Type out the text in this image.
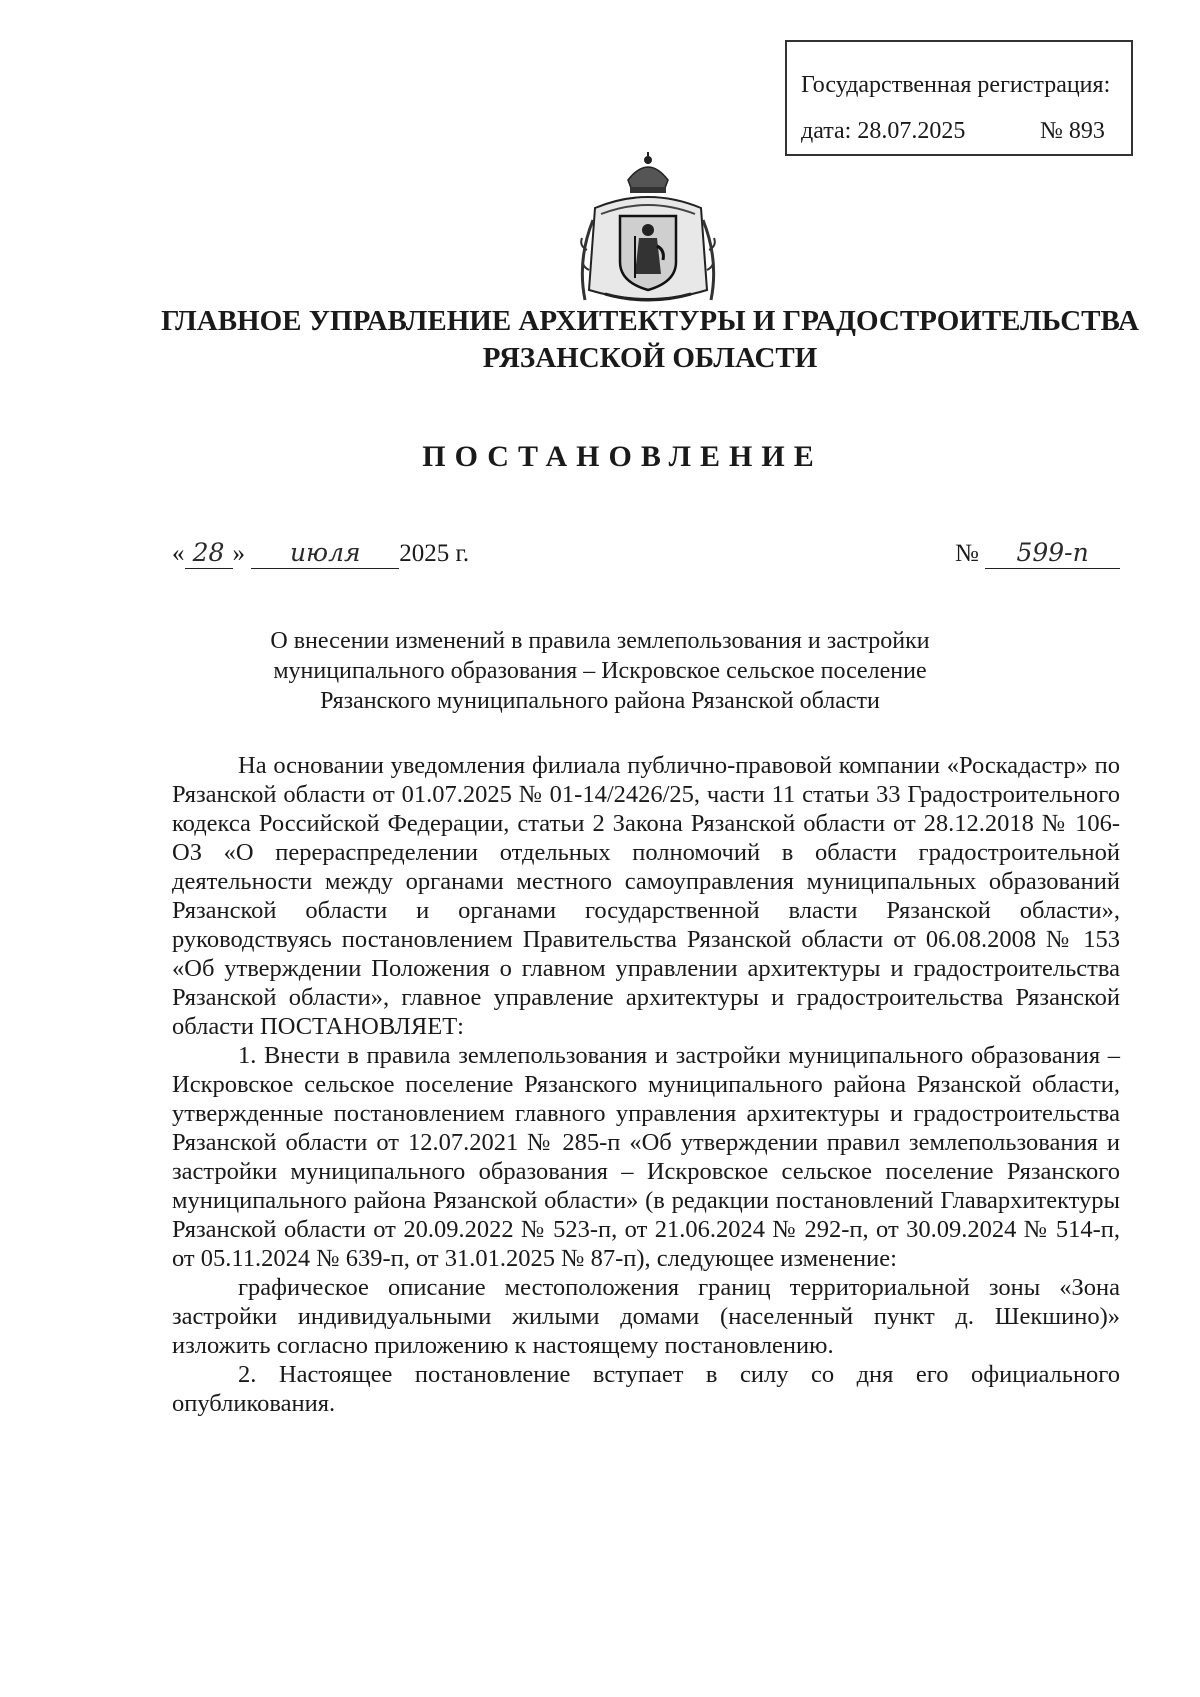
Государственная регистрация:
дата: 28.07.2025	№ 893
ГЛАВНОЕ УПРАВЛЕНИЕ АРХИТЕКТУРЫ И ГРАДОСТРОИТЕЛЬСТВА
РЯЗАНСКОЙ ОБЛАСТИ
ПОСТАНОВЛЕНИЕ
« 28 » июля 2025 г.	№ 599-п
О внесении изменений в правила землепользования и застройки
муниципального образования – Искровское сельское поселение
Рязанского муниципального района Рязанской области

На основании уведомления филиала публично-правовой компании «Роскадастр» по Рязанской области от 01.07.2025 № 01-14/2426/25, части 11 статьи 33 Градостроительного кодекса Российской Федерации, статьи 2 Закона Рязанской области от 28.12.2018 № 106-ОЗ «О перераспределении отдельных полномочий в области градостроительной деятельности между органами местного самоуправления муниципальных образований Рязанской области и органами государственной власти Рязанской области», руководствуясь постановлением Правительства Рязанской области от 06.08.2008 № 153 «Об утверждении Положения о главном управлении архитектуры и градостроительства Рязанской области», главное управление архитектуры и градостроительства Рязанской области ПОСТАНОВЛЯЕТ:

1. Внести в правила землепользования и застройки муниципального образования – Искровское сельское поселение Рязанского муниципального района Рязанской области, утвержденные постановлением главного управления архитектуры и градостроительства Рязанской области от 12.07.2021 № 285-п «Об утверждении правил землепользования и застройки муниципального образования – Искровское сельское поселение Рязанского муниципального района Рязанской области» (в редакции постановлений Главархитектуры Рязанской области от 20.09.2022 № 523-п, от 21.06.2024 № 292-п, от 30.09.2024 № 514-п, от 05.11.2024 № 639-п, от 31.01.2025 № 87-п), следующее изменение:

графическое описание местоположения границ территориальной зоны «Зона застройки индивидуальными жилыми домами (населенный пункт д. Шекшино)» изложить согласно приложению к настоящему постановлению.

2. Настоящее постановление вступает в силу со дня его официального опубликования.
